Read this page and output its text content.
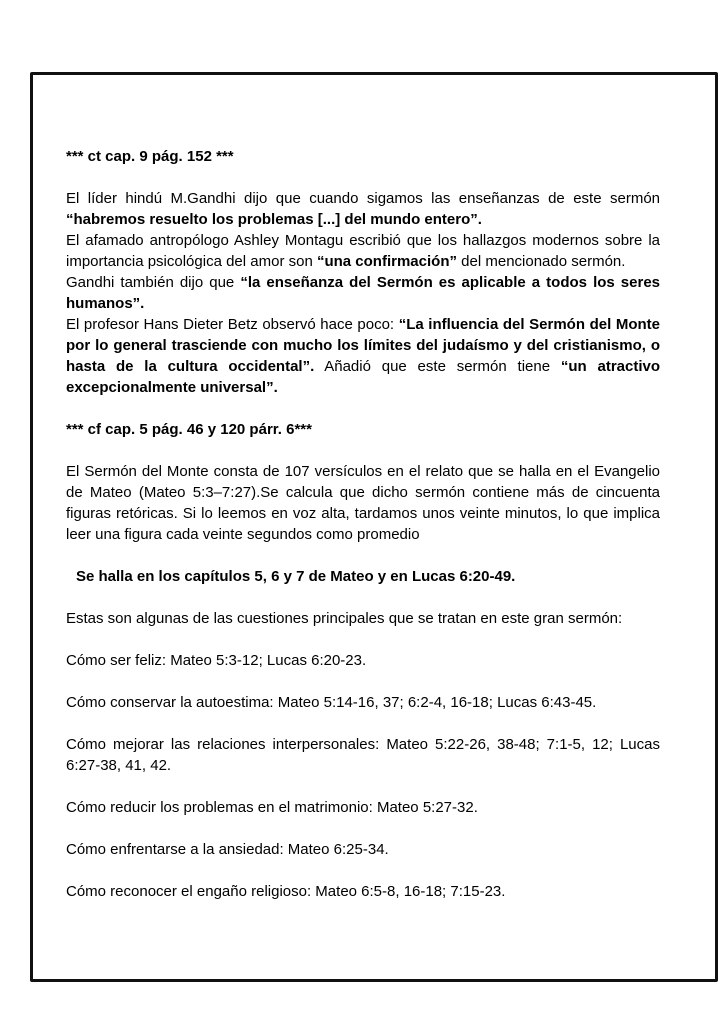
*** ct cap. 9 pág. 152 ***

El líder hindú M.Gandhi dijo que cuando sigamos las enseñanzas de este sermón “habremos resuelto los problemas [...] del mundo entero”.

El afamado antropólogo Ashley Montagu escribió que los hallazgos modernos sobre la importancia psicológica del amor son “una confirmación” del mencionado sermón.

Gandhi también dijo que “la enseñanza del Sermón es aplicable a todos los seres humanos”.

El profesor Hans Dieter Betz observó hace poco: “La influencia del Sermón del Monte por lo general trasciende con mucho los límites del judaísmo y del cristianismo, o hasta de la cultura occidental”. Añadió que este sermón tiene “un atractivo excepcionalmente universal”.

*** cf cap. 5 pág. 46 y 120 párr. 6***

El Sermón del Monte consta de 107 versículos en el relato que se halla en el Evangelio de Mateo (Mateo 5:3–7:27).Se calcula que dicho sermón contiene más de cincuenta figuras retóricas. Si lo leemos en voz alta, tardamos unos veinte minutos, lo que implica leer una figura cada veinte segundos como promedio

Se halla en los capítulos 5, 6 y 7 de Mateo y en Lucas 6:20-49.

Estas son algunas de las cuestiones principales que se tratan en este gran sermón:

Cómo ser feliz: Mateo 5:3-12; Lucas 6:20-23.

Cómo conservar la autoestima: Mateo 5:14-16, 37; 6:2-4, 16-18; Lucas 6:43-45.

Cómo mejorar las relaciones interpersonales: Mateo 5:22-26, 38-48; 7:1-5, 12; Lucas 6:27-38, 41, 42.

Cómo reducir los problemas en el matrimonio: Mateo 5:27-32.

Cómo enfrentarse a la ansiedad: Mateo 6:25-34.

Cómo reconocer el engaño religioso: Mateo 6:5-8, 16-18; 7:15-23.
